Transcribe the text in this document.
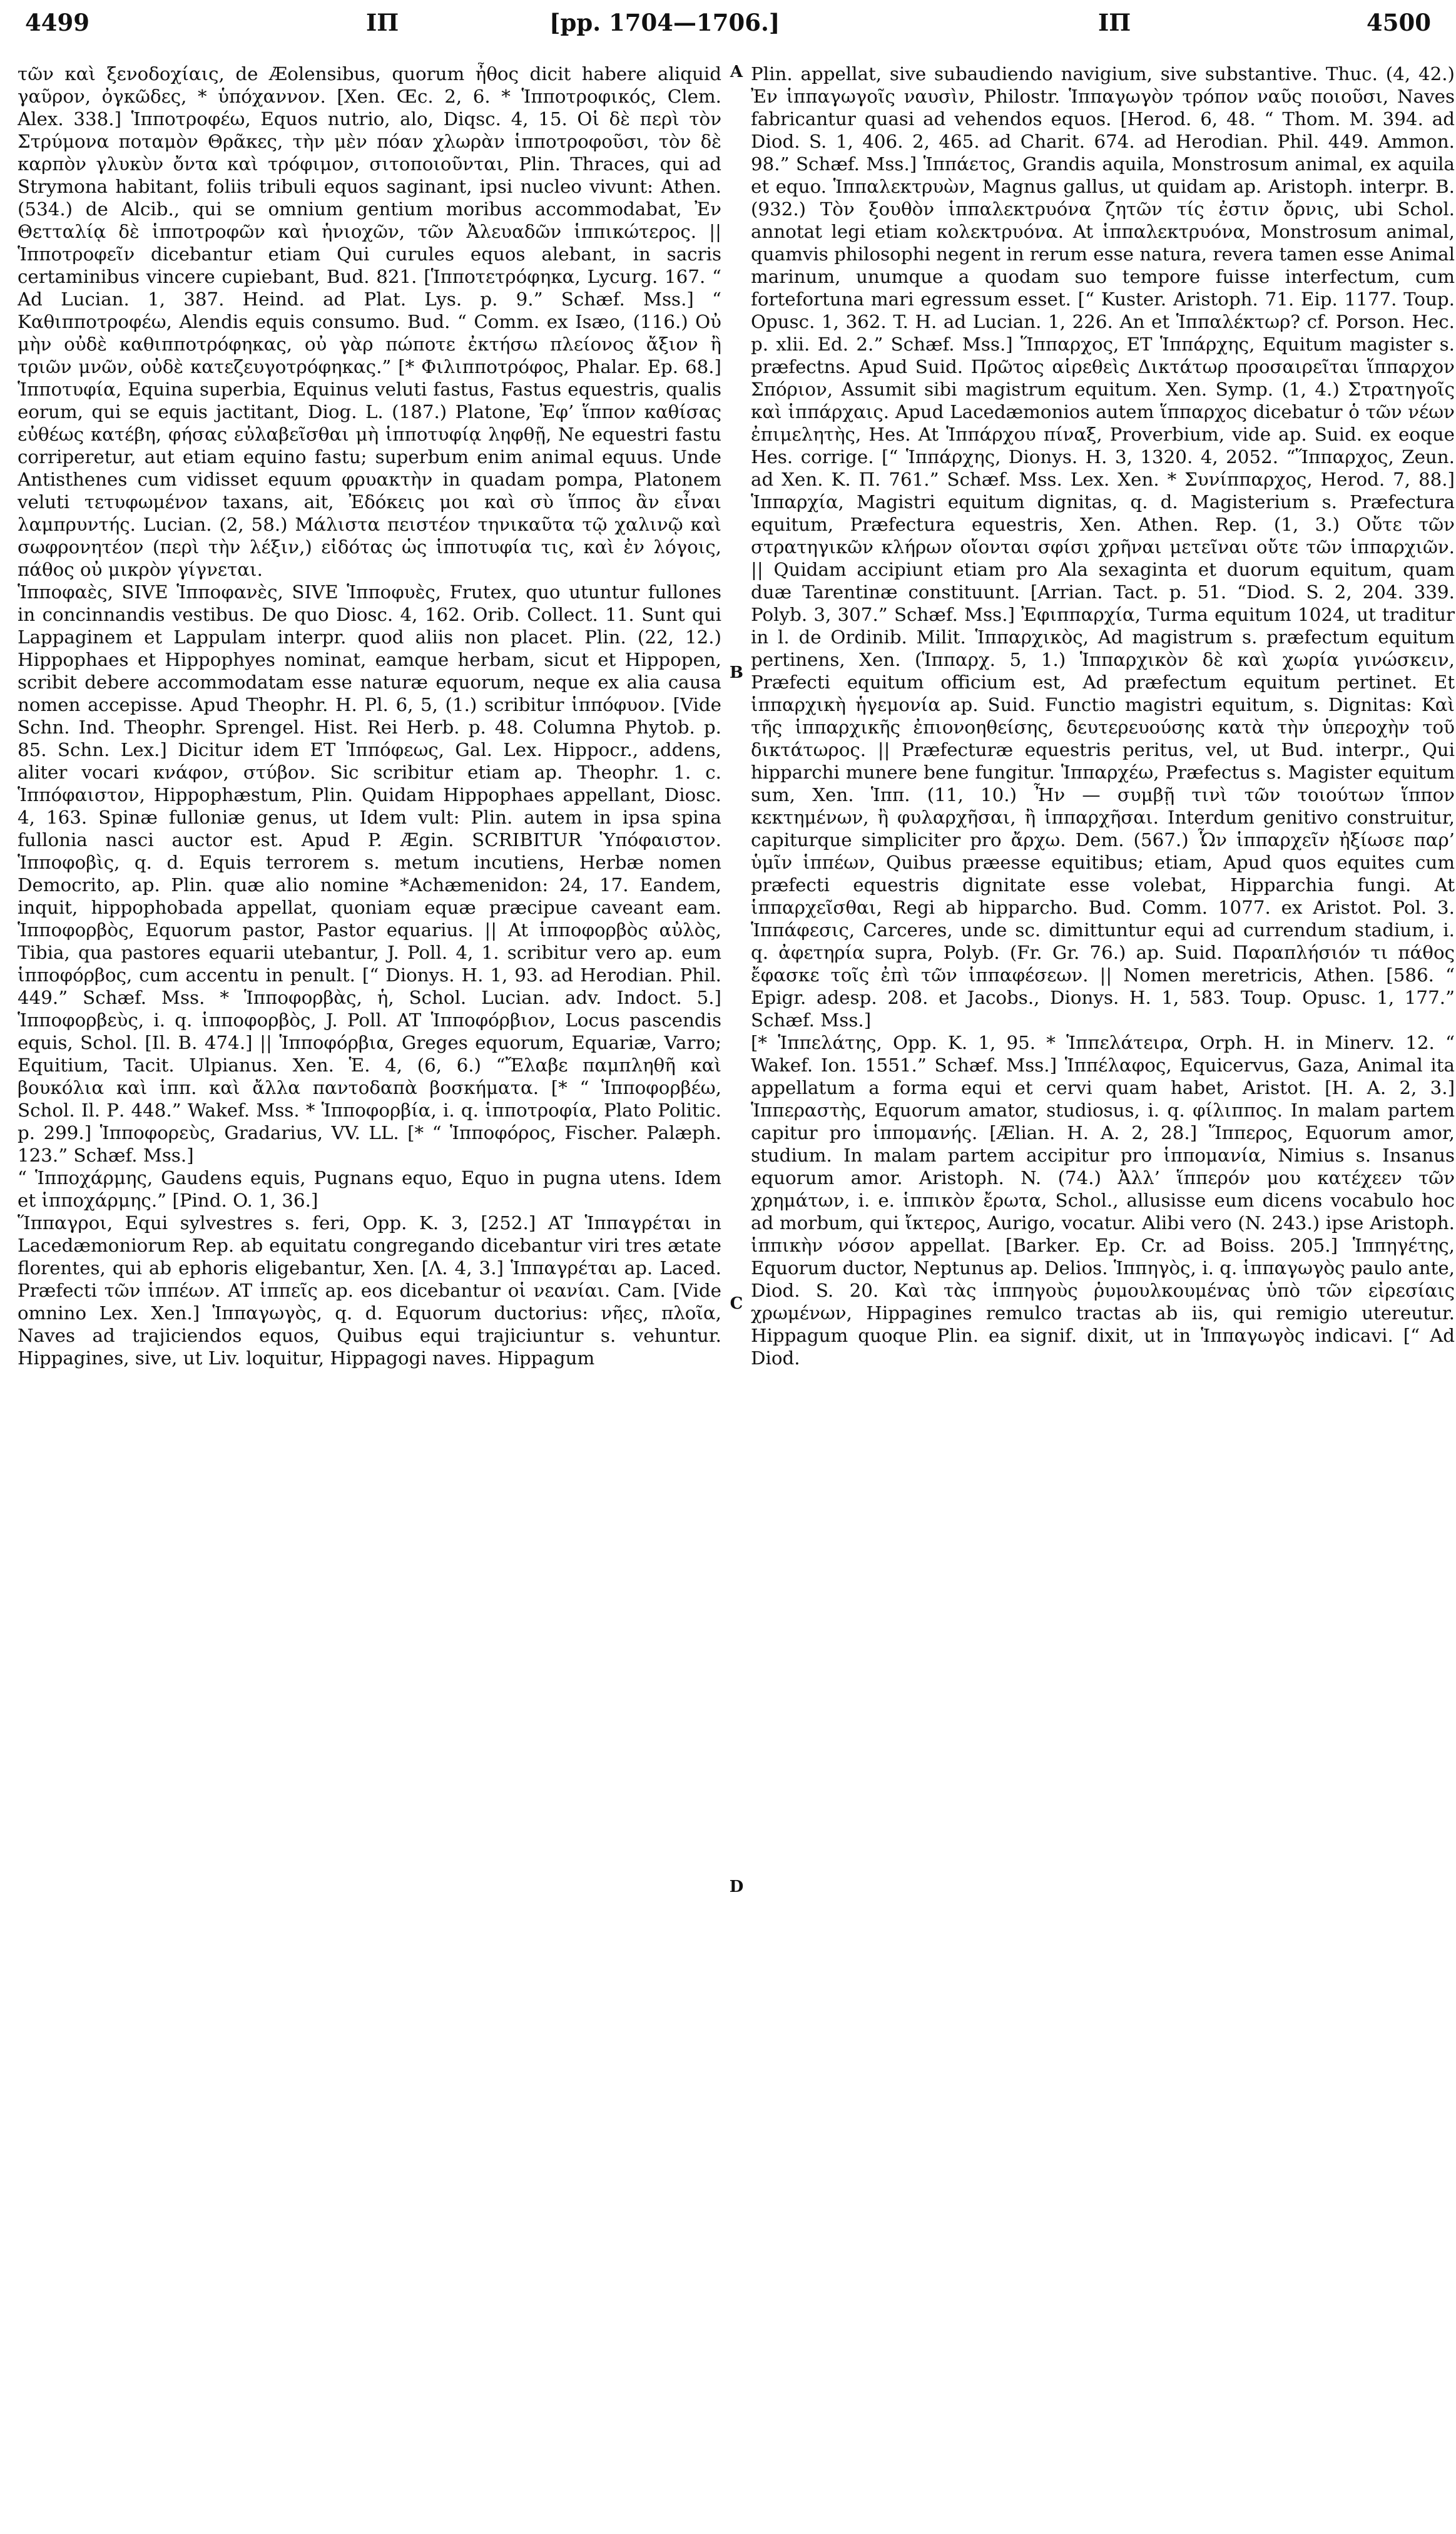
4499	ΙΠ	[pp. 1704—1706.]	ΙΠ	4500

τῶν καὶ ξενοδοχίαις, de Æolensibus, quorum ἦθος dicit habere aliquid γαῦρον, ὀγκῶδες, * ὑπόχαννον. [Xen. Œc. 2, 6. * Ἱπποτροφικός, Clem. Alex. 338.] Ἱπποτροφέω, Equos nutrio, alo, Diqsc. 4, 15. Οἱ δὲ περὶ τὸν Στρύμονα ποταμὸν Θρᾶκες, τὴν μὲν πόαν χλωρὰν ἱπποτροφοῦσι, τὸν δὲ καρπὸν γλυκὺν ὄντα καὶ τρόφιμον, σιτοποιοῦνται, Plin. Thraces, qui ad Strymona habitant, foliis tribuli equos saginant, ipsi nucleo vivunt: Athen. (534.) de Alcib., qui se omnium gentium moribus accommodabat, Ἐν Θετταλίᾳ δὲ ἱπποτροφῶν καὶ ἡνιοχῶν, τῶν Ἀλευαδῶν ἱππικώτερος. || Ἱπποτροφεῖν dicebantur etiam Qui curules equos alebant, in sacris certaminibus vincere cupiebant, Bud. 821. [Ἱπποτετρόφηκα, Lycurg. 167. “ Ad Lucian. 1, 387. Heind. ad Plat. Lys. p. 9.” Schæf. Mss.] “ Καθιπποτροφέω, Alendis equis consumo. Bud. “ Comm. ex Isæo, (116.) Οὐ μὴν οὐδὲ καθιπποτρόφηκας, οὐ γὰρ πώποτε ἐκτήσω πλείονος ἄξιον ἢ τριῶν μνῶν, οὐδὲ κατεζευγοτρόφηκας.” [* Φιλιπποτρόφος, Phalar. Ep. 68.] Ἱπποτυφία, Equina superbia, Equinus veluti fastus, Fastus equestris, qualis eorum, qui se equis jactitant, Diog. L. (187.) Platone, Ἐφ’ ἵππον καθίσας εὐθέως κατέβη, φήσας εὐλαβεῖσθαι μὴ ἱπποτυφίᾳ ληφθῇ, Ne equestri fastu corriperetur, aut etiam equino fastu; superbum enim animal equus. Unde Antisthenes cum vidisset equum φρυακτὴν in quadam pompa, Platonem veluti τετυφωμένον taxans, ait, Ἐδόκεις μοι καὶ σὺ ἵππος ἂν εἶναι λαμπρυντής. Lucian. (2, 58.) Μάλιστα πειστέον τηνικαῦτα τῷ χαλινῷ καὶ σωφρονητέον (περὶ τὴν λέξιν,) εἰδότας ὡς ἱπποτυφία τις, καὶ ἐν λόγοις, πάθος οὐ μικρὸν γίγνεται.

Ἱπποφαὲς, SIVE Ἱπποφανὲς, SIVE Ἱπποφυὲς, Frutex, quo utuntur fullones in concinnandis vestibus. De quo Diosc. 4, 162. Orib. Collect. 11. Sunt qui Lappaginem et Lappulam interpr. quod aliis non placet. Plin. (22, 12.) Hippophaes et Hippophyes nominat, eamque herbam, sicut et Hippopen, scribit debere accommodatam esse naturæ equorum, neque ex alia causa nomen accepisse. Apud Theophr. H. Pl. 6, 5, (1.) scribitur ἱππόφυον. [Vide Schn. Ind. Theophr. Sprengel. Hist. Rei Herb. p. 48. Columna Phytob. p. 85. Schn. Lex.] Dicitur idem ET Ἱππόφεως, Gal. Lex. Hippocr., addens, aliter vocari κνάφον, στύβον. Sic scribitur etiam ap. Theophr. 1. c. Ἱππόφαιστον, Hippophæstum, Plin. Quidam Hippophaes appellant, Diosc. 4, 163. Spinæ fulloniæ genus, ut Idem vult: Plin. autem in ipsa spina fullonia nasci auctor est. Apud P. Ægin. SCRIBITUR Ὑπόφαιστον. Ἱπποφοβὶς, q. d. Equis terrorem s. metum incutiens, Herbæ nomen Democrito, ap. Plin. quæ alio nomine *Achæmenidon: 24, 17. Eandem, inquit, hippophobada appellat, quoniam equæ præcipue caveant eam. Ἱπποφορβὸς, Equorum pastor, Pastor equarius. || At ἱπποφορβὸς αὐλὸς, Tibia, qua pastores equarii utebantur, J. Poll. 4, 1. scribitur vero ap. eum ἱπποφόρβος, cum accentu in penult. [“ Dionys. H. 1, 93. ad Herodian. Phil. 449.” Schæf. Mss. * Ἱπποφορβὰς, ἡ, Schol. Lucian. adv. Indoct. 5.] Ἱπποφορβεὺς, i. q. ἱπποφορβὸς, J. Poll. AT Ἱπποφόρβιον, Locus pascendis equis, Schol. [Il. B. 474.] || Ἱπποφόρβια, Greges equorum, Equariæ, Varro; Equitium, Tacit. Ulpianus. Xen. Ἑ. 4, (6, 6.) “Ἔλαβε παμπληθῆ καὶ βουκόλια καὶ ἱππ. καὶ ἄλλα παντοδαπὰ βοσκήματα. [* “ Ἱπποφορβέω, Schol. Il. Ρ. 448.” Wakef. Mss. * Ἱπποφορβία, i. q. ἱπποτροφία, Plato Politic. p. 299.] Ἱπποφορεὺς, Gradarius, VV. LL. [* “ Ἱπποφόρος, Fischer. Palæph. 123.” Schæf. Mss.]

“ Ἱπποχάρμης, Gaudens equis, Pugnans equo, Equo in pugna utens. Idem et ἱπποχάρμης.” [Pind. O. 1, 36.]

Ἵππαγροι, Equi sylvestres s. feri, Opp. K. 3, [252.] AT Ἱππαγρέται in Lacedæmoniorum Rep. ab equitatu congregando dicebantur viri tres ætate florentes, qui ab ephoris eligebantur, Xen. [Λ. 4, 3.] Ἱππαγρέται ap. Laced. Præfecti τῶν ἱππέων. AT ἱππεῖς ap. eos dicebantur οἱ νεανίαι. Cam. [Vide omnino Lex. Xen.] Ἱππαγωγὸς, q. d. Equorum ductorius: νῆες, πλοῖα, Naves ad trajiciendos equos, Quibus equi trajiciuntur s. vehuntur. Hippagines, sive, ut Liv. loquitur, Hippagogi naves. Hippagum

A
B
C
D

Plin. appellat, sive subaudiendo navigium, sive substantive. Thuc. (4, 42.) Ἐν ἱππαγωγοῖς ναυσὶν, Philostr. Ἱππαγωγὸν τρόπον ναῦς ποιοῦσι, Naves fabricantur quasi ad vehendos equos. [Herod. 6, 48. “ Thom. M. 394. ad Diod. S. 1, 406. 2, 465. ad Charit. 674. ad Herodian. Phil. 449. Ammon. 98.” Schæf. Mss.] Ἱππάετος, Grandis aquila, Monstrosum animal, ex aquila et equo. Ἱππαλεκτρυὼν, Magnus gallus, ut quidam ap. Aristoph. interpr. B. (932.) Τὸν ξουθὸν ἱππαλεκτρυόνα ζητῶν τίς ἐστιν ὄρνις, ubi Schol. annotat legi etiam κολεκτρυόνα. At ἱππαλεκτρυόνα, Monstrosum animal, quamvis philosophi negent in rerum esse natura, revera tamen esse Animal marinum, unumque a quodam suo tempore fuisse interfectum, cum fortefortuna mari egressum esset. [“ Kuster. Aristoph. 71. Eip. 1177. Toup. Opusc. 1, 362. T. H. ad Lucian. 1, 226. An et Ἱππαλέκτωρ? cf. Porson. Hec. p. xlii. Ed. 2.” Schæf. Mss.] Ἵππαρχος, ET Ἱππάρχης, Equitum magister s. præfectns. Apud Suid. Πρῶτος αἱρεθεὶς Δικτάτωρ προσαιρεῖται ἵππαρχον Σπόριον, Assumit sibi magistrum equitum. Xen. Symp. (1, 4.) Στρατηγοῖς καὶ ἱππάρχαις. Apud Lacedæmonios autem ἵππαρχος dicebatur ὁ τῶν νέων ἐπιμελητὴς, Hes. At Ἱππάρχου πίναξ, Proverbium, vide ap. Suid. ex eoque Hes. corrige. [“ Ἱππάρχης, Dionys. H. 3, 1320. 4, 2052. “Ἵππαρχος, Zeun. ad Xen. K. Π. 761.” Schæf. Mss. Lex. Xen. * Συνίππαρχος, Herod. 7, 88.] Ἱππαρχία, Magistri equitum dignitas, q. d. Magisterium s. Præfectura equitum, Præfectura equestris, Xen. Athen. Rep. (1, 3.) Οὔτε τῶν στρατηγικῶν κλήρων οἴονται σφίσι χρῆναι μετεῖναι οὔτε τῶν ἱππαρχιῶν. || Quidam accipiunt etiam pro Ala sexaginta et duorum equitum, quam duæ Tarentinæ constituunt. [Arrian. Tact. p. 51. “Diod. S. 2, 204. 339. Polyb. 3, 307.” Schæf. Mss.] Ἐφιππαρχία, Turma equitum 1024, ut traditur in l. de Ordinib. Milit. Ἱππαρχικὸς, Ad magistrum s. præfectum equitum pertinens, Xen. (Ἱππαρχ. 5, 1.) Ἱππαρχικὸν δὲ καὶ χωρία γινώσκειν, Præfecti equitum officium est, Ad præfectum equitum pertinet. Et ἱππαρχικὴ ἡγεμονία ap. Suid. Functio magistri equitum, s. Dignitas: Καὶ τῆς ἱππαρχικῆς ἐπιονοηθείσης, δευτερευούσης κατὰ τὴν ὑπεροχὴν τοῦ δικτάτωρος. || Præfecturæ equestris peritus, vel, ut Bud. interpr., Qui hipparchi munere bene fungitur. Ἱππαρχέω, Præfectus s. Magister equitum sum, Xen. Ἱππ. (11, 10.) Ἦν — συμβῇ τινὶ τῶν τοιούτων ἵππον κεκτημένων, ἢ φυλαρχῆσαι, ἢ ἱππαρχῆσαι. Interdum genitivo construitur, capiturque simpliciter pro ἄρχω. Dem. (567.) Ὧν ἱππαρχεῖν ἠξίωσε παρ’ ὑμῖν ἱππέων, Quibus præesse equitibus; etiam, Apud quos equites cum præfecti equestris dignitate esse volebat, Hipparchia fungi. At ἱππαρχεῖσθαι, Regi ab hipparcho. Bud. Comm. 1077. ex Aristot. Pol. 3. Ἱππάφεσις, Carceres, unde sc. dimittuntur equi ad currendum stadium, i. q. ἀφετηρία supra, Polyb. (Fr. Gr. 76.) ap. Suid. Παραπλήσιόν τι πάθος ἔφασκε τοῖς ἐπὶ τῶν ἱππαφέσεων. || Nomen meretricis, Athen. [586. “ Epigr. adesp. 208. et Jacobs., Dionys. H. 1, 583. Toup. Opusc. 1, 177.” Schæf. Mss.]

[* Ἱππελάτης, Opp. K. 1, 95. * Ἱππελάτειρα, Orph. H. in Minerv. 12. “ Wakef. Ion. 1551.” Schæf. Mss.] Ἱππέλαφος, Equicervus, Gaza, Animal ita appellatum a forma equi et cervi quam habet, Aristot. [H. A. 2, 3.] Ἱππεραστὴς, Equorum amator, studiosus, i. q. φίλιππος. In malam partem capitur pro ἱππομανής. [Ælian. H. A. 2, 28.] Ἵππερος, Equorum amor, studium. In malam partem accipitur pro ἱππομανία, Nimius s. Insanus equorum amor. Aristoph. N. (74.) Ἀλλ’ ἵππερόν μου κατέχεεν τῶν χρημάτων, i. e. ἱππικὸν ἔρωτα, Schol., allusisse eum dicens vocabulo hoc ad morbum, qui ἴκτερος, Aurigo, vocatur. Alibi vero (N. 243.) ipse Aristoph. ἱππικὴν νόσον appellat. [Barker. Ep. Cr. ad Boiss. 205.] Ἱππηγέτης, Equorum ductor, Neptunus ap. Delios. Ἱππηγὸς, i. q. ἱππαγωγὸς paulo ante, Diod. S. 20. Καὶ τὰς ἱππηγοὺς ῥυμουλκουμένας ὑπὸ τῶν εἰρεσίαις χρωμένων, Hippagines remulco tractas ab iis, qui remigio utereutur. Hippagum quoque Plin. ea signif. dixit, ut in Ἱππαγωγὸς indicavi. [“ Ad Diod.
